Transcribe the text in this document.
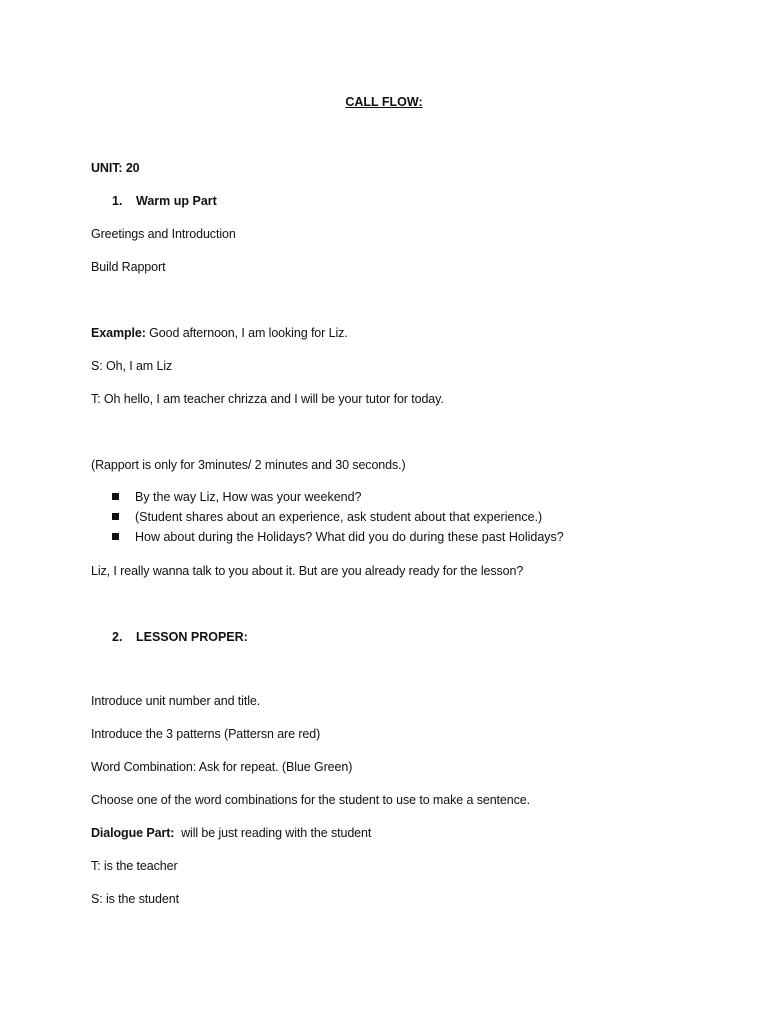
CALL FLOW:
UNIT: 20
1. Warm up Part
Greetings and Introduction
Build Rapport
Example: Good afternoon, I am looking for Liz.
S: Oh, I am Liz
T: Oh hello, I am teacher chrizza and I will be your tutor for today.
(Rapport is only for 3minutes/ 2 minutes and 30 seconds.)
By the way Liz, How was your weekend?
(Student shares about an experience, ask student about that experience.)
How about during the Holidays? What did you do during these past Holidays?
Liz, I really wanna talk to you about it. But are you already ready for the lesson?
2. LESSON PROPER:
Introduce unit number and title.
Introduce the 3 patterns (Pattersn are red)
Word Combination: Ask for repeat. (Blue Green)
Choose one of the word combinations for the student to use to make a sentence.
Dialogue Part:  will be just reading with the student
T: is the teacher
S: is the student
